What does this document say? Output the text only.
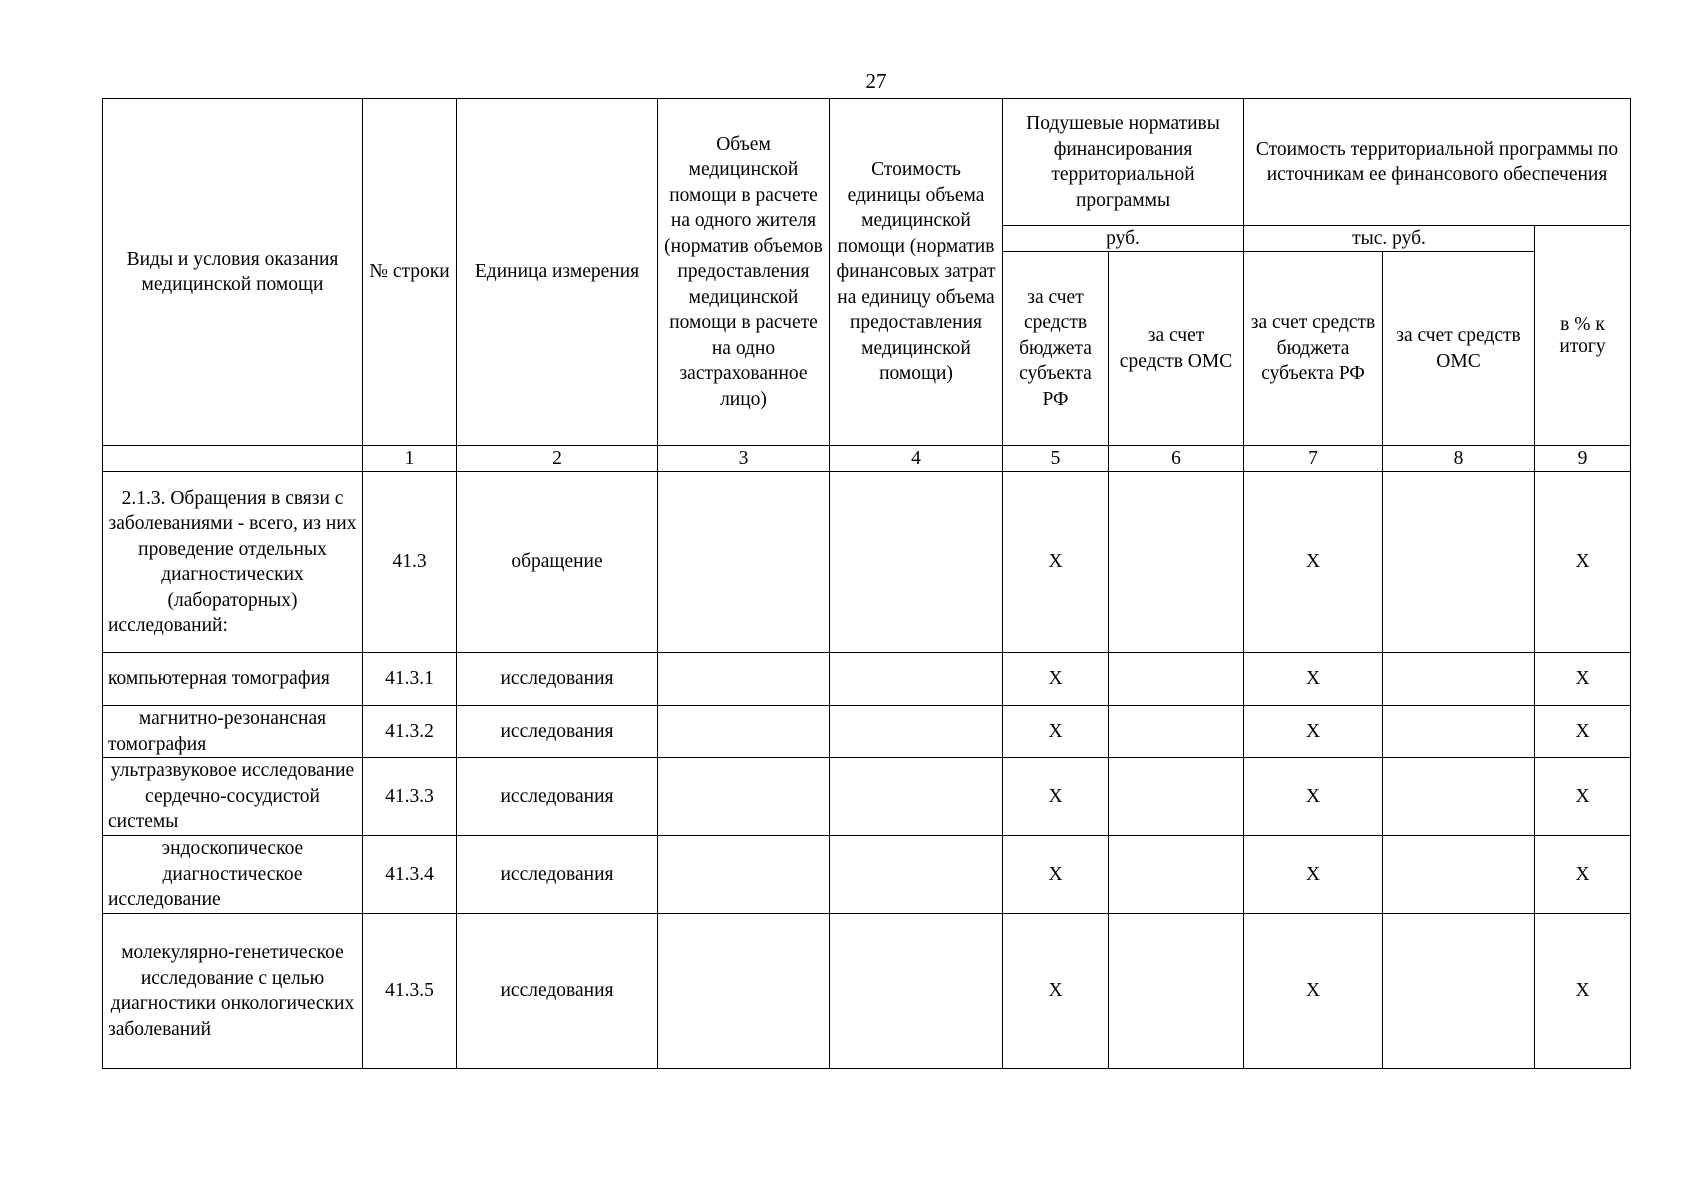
27
Виды и условия оказания медицинской помощи	№ строки	Единица измерения	Объем медицинской помощи в расчете на одного жителя (норматив объемов предоставления медицинской помощи в расчете на одно застрахованное лицо)	Стоимость единицы объема медицинской помощи (норматив финансовых затрат на единицу объема предоставления медицинской помощи)	Подушевые нормативы финансирования территориальной программы		Стоимость территориальной программы по источникам ее финансового обеспечения		
					руб.		тыс. руб.		в % к итогу
					за счет средств бюджета субъекта РФ	за счет средств ОМС	за счет средств бюджета субъекта РФ	за счет средств ОМС	
	1	2	3	4	5	6	7	8	9
2.1.3. Обращения в связи с заболеваниями - всего, из них проведение отдельных диагностических (лабораторных) исследований:	41.3	обращение			X		X		X
компьютерная томография	41.3.1	исследования			X		X		X
магнитно-резонансная томография	41.3.2	исследования			X		X		X
ультразвуковое исследование сердечно-сосудистой системы	41.3.3	исследования			X		X		X
эндоскопическое диагностическое исследование	41.3.4	исследования			X		X		X
молекулярно-генетическое исследование с целью диагностики онкологических заболеваний	41.3.5	исследования			X		X		X
